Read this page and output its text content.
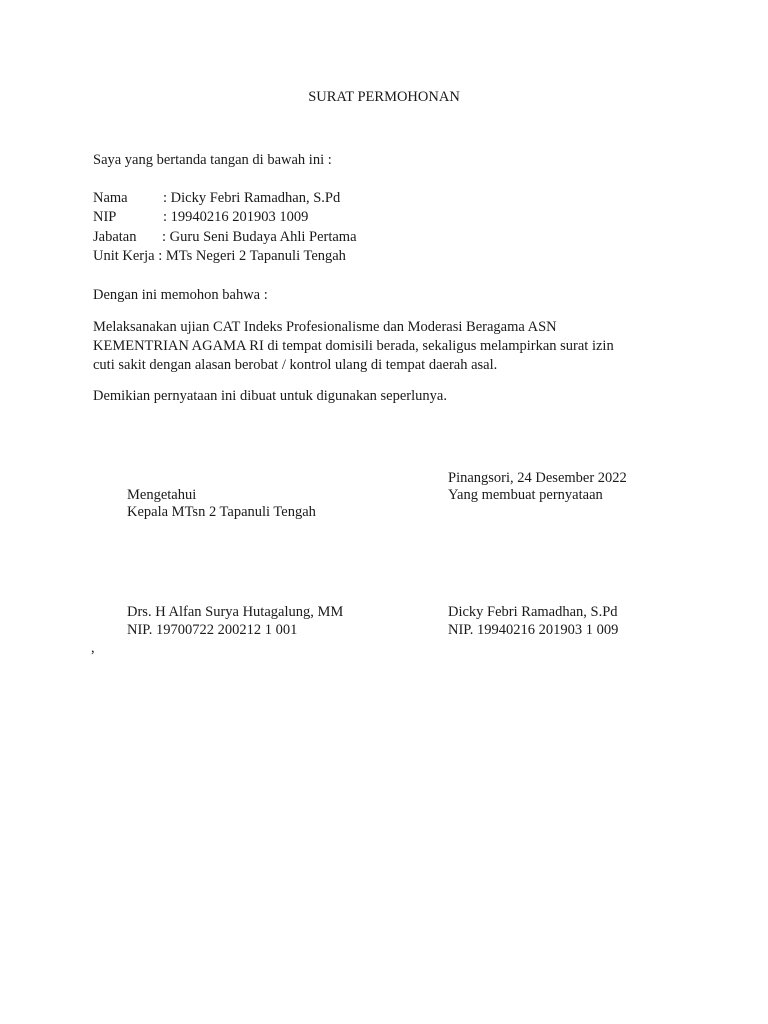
SURAT PERMOHONAN
Saya yang bertanda tangan di bawah ini :
Nama : Dicky Febri Ramadhan, S.Pd
NIP	: 19940216 201903 1009
Jabatan : Guru Seni Budaya Ahli Pertama
Unit Kerja : MTs Negeri 2 Tapanuli Tengah
Dengan ini memohon bahwa :
Melaksanakan ujian CAT Indeks Profesionalisme dan Moderasi Beragama ASN
KEMENTRIAN AGAMA RI di tempat domisili berada, sekaligus melampirkan surat izin
cuti sakit dengan alasan berobat / kontrol ulang di tempat daerah asal.
Demikian pernyataan ini dibuat untuk digunakan seperlunya.
Pinangsori, 24 Desember 2022
Mengetahui	Yang membuat pernyataan
Kepala MTsn 2 Tapanuli Tengah
Drs. H Alfan Surya Hutagalung, MM	Dicky Febri Ramadhan, S.Pd
NIP. 19700722 200212 1 001	NIP. 19940216 201903 1 009
,
